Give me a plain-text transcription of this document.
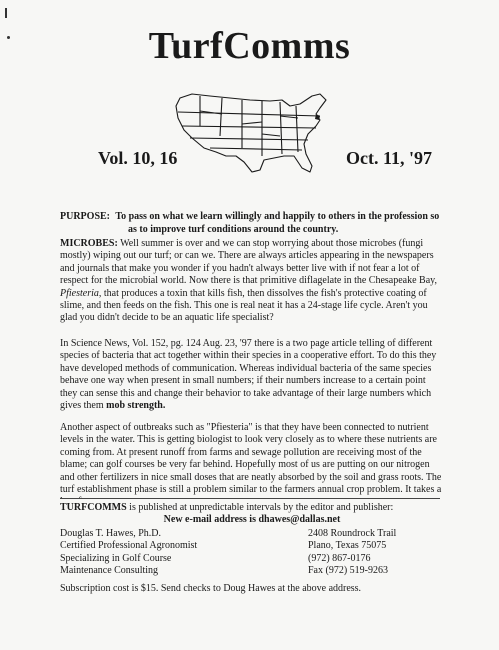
TurfComms
Vol. 10, 16	Oct. 11, '97
PURPOSE: To pass on what we learn willingly and happily to others in the profession so
as to improve turf conditions around the country.
MICROBES: Well summer is over and we can stop worrying about those microbes (fungi mostly) wiping out our turf; or can we. There are always articles appearing in the newspapers and journals that make you wonder if you hadn't always better live with if not fear a lot of respect for the microbial world. Now there is that primitive diflagelate in the Chesapeake Bay, Pfiesteria, that produces a toxin that kills fish, then dissolves the fish's protective coating of slime, and then feeds on the fish. This one is real neat it has a 24-stage life cycle. Aren't you glad you didn't decide to be an aquatic life specialist?
In Science News, Vol. 152, pg. 124 Aug. 23, '97 there is a two page article telling of different species of bacteria that act together within their species in a cooperative effort. To do this they have developed methods of communication. Whereas individual bacteria of the same species behave one way when present in small numbers; if their numbers increase to a certain point they can sense this and change their behavior to take advantage of their large numbers which gives them mob strength.
Another aspect of outbreaks such as "Pfiesteria" is that they have been connected to nutrient levels in the water. This is getting biologist to look very closely as to where these nutrients are coming from. At present runoff from farms and sewage pollution are receiving most of the blame; can golf courses be very far behind. Hopefully most of us are putting on our nitrogen and other fertilizers in nice small doses that are neatly absorbed by the soil and grass roots. The turf establishment phase is still a problem similar to the farmers annual crop problem. It takes a
TURFCOMMS is published at unpredictable intervals by the editor and publisher:
New e-mail address is dhawes@dallas.net
Douglas T. Hawes, Ph.D.	2408 Roundrock Trail
Certified Professional Agronomist	Plano, Texas 75075
Specializing in Golf Course	(972) 867-0176
Maintenance Consulting	Fax (972) 519-9263
Subscription cost is $15. Send checks to Doug Hawes at the above address.
